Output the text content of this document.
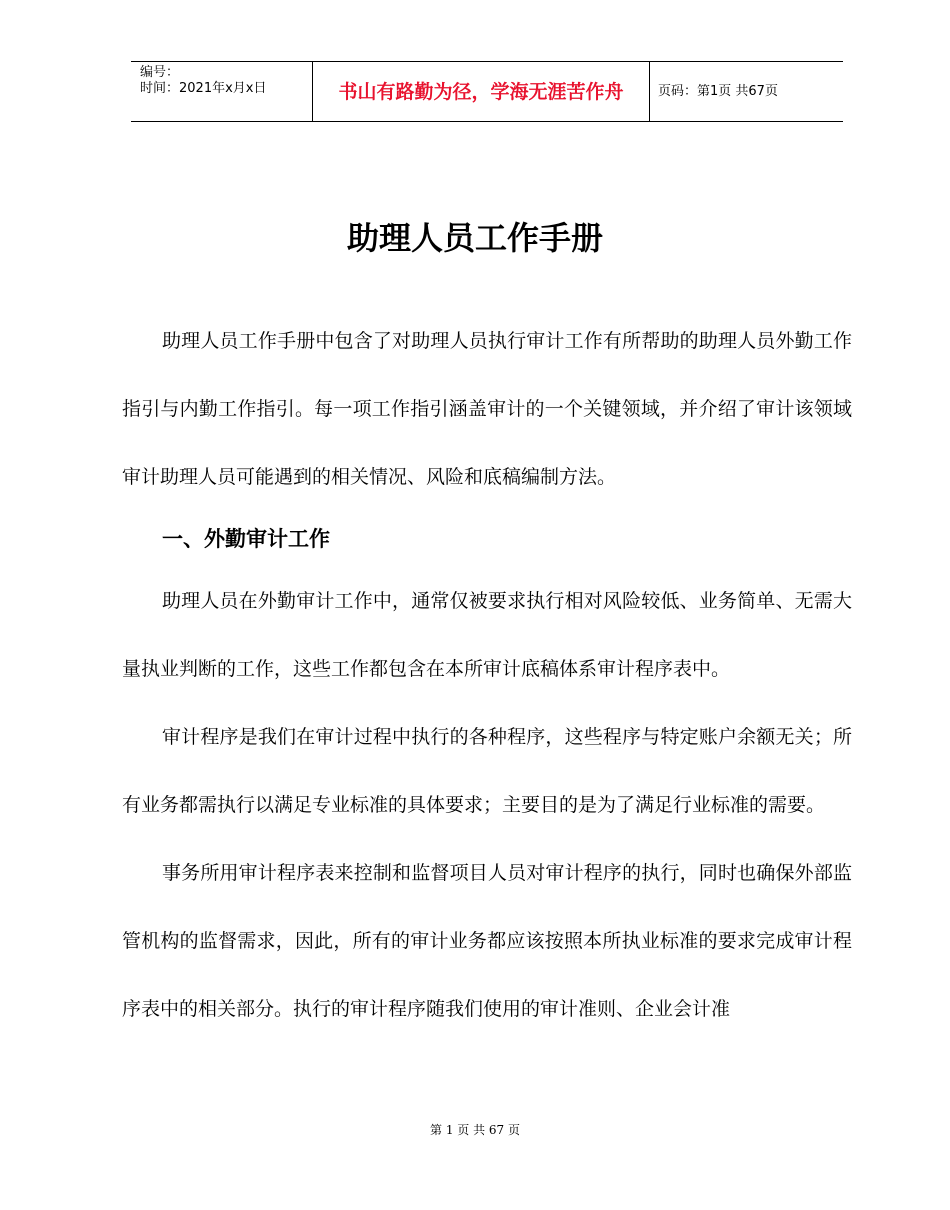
编号：
时间：2021年x月x日	书山有路勤为径，学海无涯苦作舟	页码：第1页 共67页
助理人员工作手册

助理人员工作手册中包含了对助理人员执行审计工作有所帮助的助理人员外勤工作指引与内勤工作指引。每一项工作指引涵盖审计的一个关键领域，并介绍了审计该领域审计助理人员可能遇到的相关情况、风险和底稿编制方法。

一、外勤审计工作

助理人员在外勤审计工作中，通常仅被要求执行相对风险较低、业务简单、无需大量执业判断的工作，这些工作都包含在本所审计底稿体系审计程序表中。

审计程序是我们在审计过程中执行的各种程序，这些程序与特定账户余额无关；所有业务都需执行以满足专业标准的具体要求；主要目的是为了满足行业标准的需要。

事务所用审计程序表来控制和监督项目人员对审计程序的执行，同时也确保外部监管机构的监督需求，因此，所有的审计业务都应该按照本所执业标准的要求完成审计程序表中的相关部分。执行的审计程序随我们使用的审计准则、企业会计准

第 1 页 共 67 页
